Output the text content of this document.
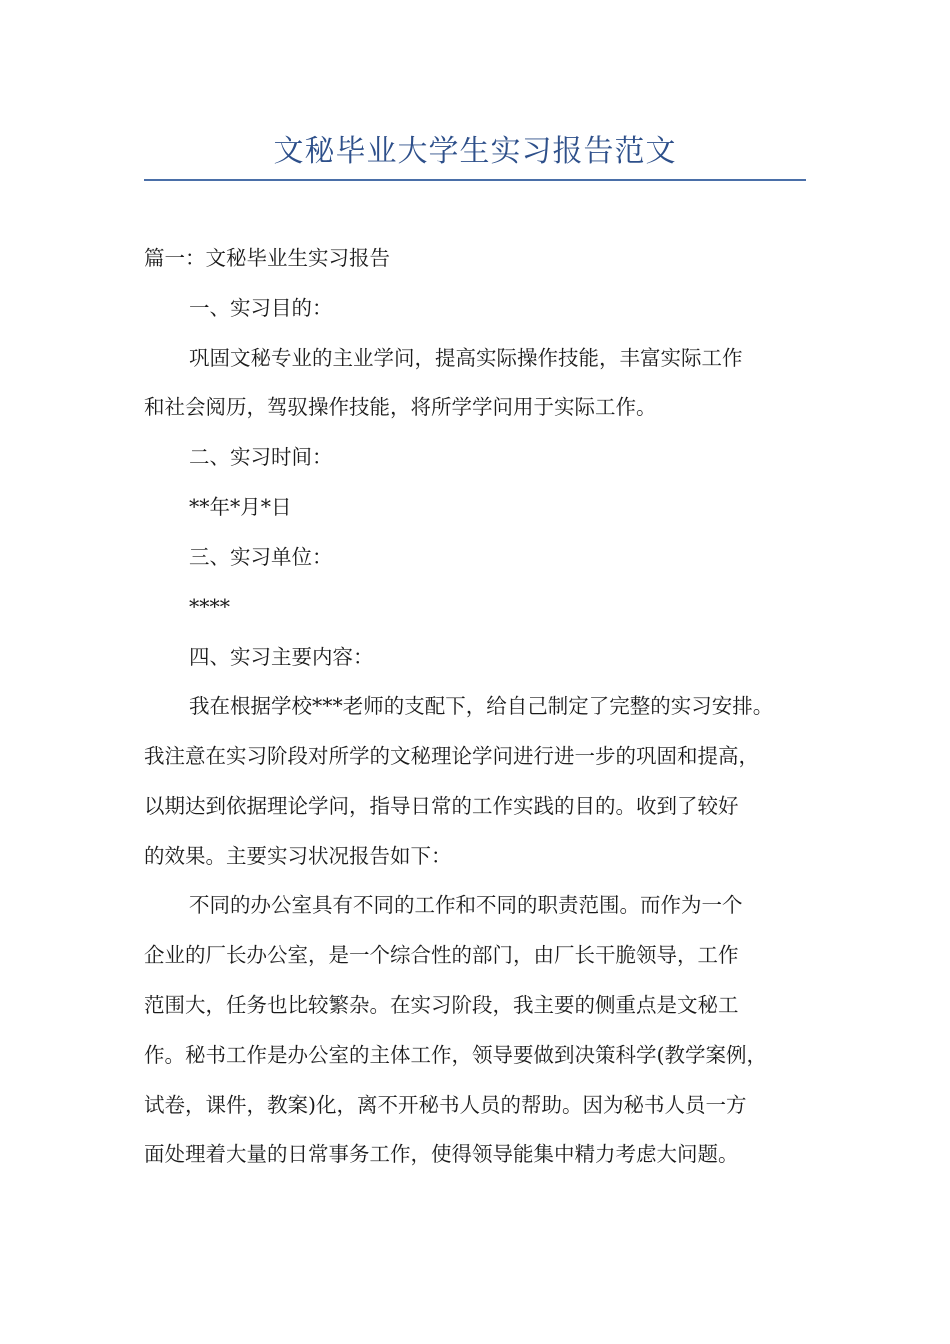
文秘毕业大学生实习报告范文
篇一：文秘毕业生实习报告
一、实习目的：
巩固文秘专业的主业学问，提高实际操作技能，丰富实际工作
和社会阅历，驾驭操作技能，将所学学问用于实际工作。
二、实习时间：
**年*月*日
三、实习单位：
****
四、实习主要内容：
我在根据学校***老师的支配下，给自己制定了完整的实习安排。
我注意在实习阶段对所学的文秘理论学问进行进一步的巩固和提高，
以期达到依据理论学问，指导日常的工作实践的目的。收到了较好
的效果。主要实习状况报告如下：
不同的办公室具有不同的工作和不同的职责范围。而作为一个
企业的厂长办公室，是一个综合性的部门，由厂长干脆领导，工作
范围大，任务也比较繁杂。在实习阶段，我主要的侧重点是文秘工
作。秘书工作是办公室的主体工作，领导要做到决策科学(教学案例，
试卷，课件，教案)化，离不开秘书人员的帮助。因为秘书人员一方
面处理着大量的日常事务工作，使得领导能集中精力考虑大问题。
